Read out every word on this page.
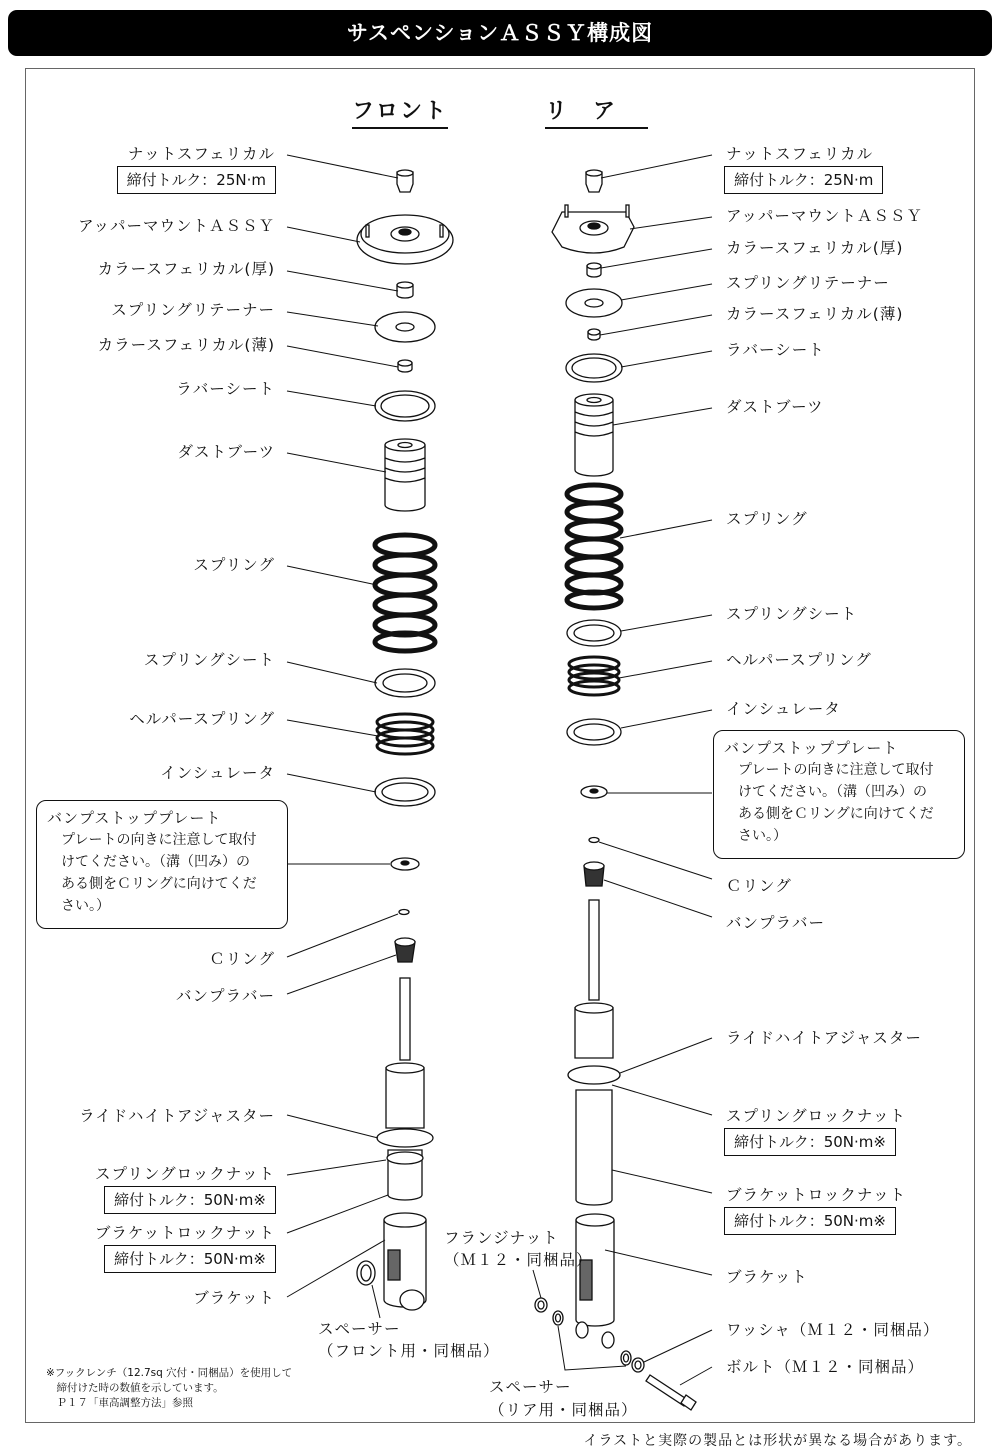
サスペンションＡＳＳＹ構成図
フロント	リ　ア
ナットスフェリカル
締付トルク：25N·m
アッパーマウントＡＳＳＹ
カラースフェリカル(厚)
スプリングリテーナー
カラースフェリカル(薄)
ラバーシート
ダストブーツ
スプリング
スプリングシート
ヘルパースプリング
インシュレータ
Ｃリング
バンプラバー
ライドハイトアジャスター
スプリングロックナット
締付トルク：50N·m※
ブラケットロックナット
締付トルク：50N·m※
ブラケット
スペーサー
（フロント用・同梱品）
バンプストッププレート
プレートの向きに注意して取付
けてください。（溝（凹み）の
ある側をＣリングに向けてくだ
さい。）
ナットスフェリカル
締付トルク：25N·m
アッパーマウントＡＳＳＹ
カラースフェリカル(厚)
スプリングリテーナー
カラースフェリカル(薄)
ラバーシート
ダストブーツ
スプリング
スプリングシート
ヘルパースプリング
インシュレータ
Ｃリング
バンプラバー
ライドハイトアジャスター
スプリングロックナット
締付トルク：50N·m※
ブラケットロックナット
締付トルク：50N·m※
ブラケット
ワッシャ（Ｍ１２・同梱品）
ボルト（Ｍ１２・同梱品）
フランジナット
（Ｍ１２・同梱品）
スペーサー
（リア用・同梱品）
バンプストッププレート
プレートの向きに注意して取付
けてください。（溝（凹み）の
ある側をＣリングに向けてくだ
さい。）
※フックレンチ（12.7sq 穴付・同梱品）を使用して
　締付けた時の数値を示しています。
　Ｐ１７「車高調整方法」参照
イラストと実際の製品とは形状が異なる場合があります。
